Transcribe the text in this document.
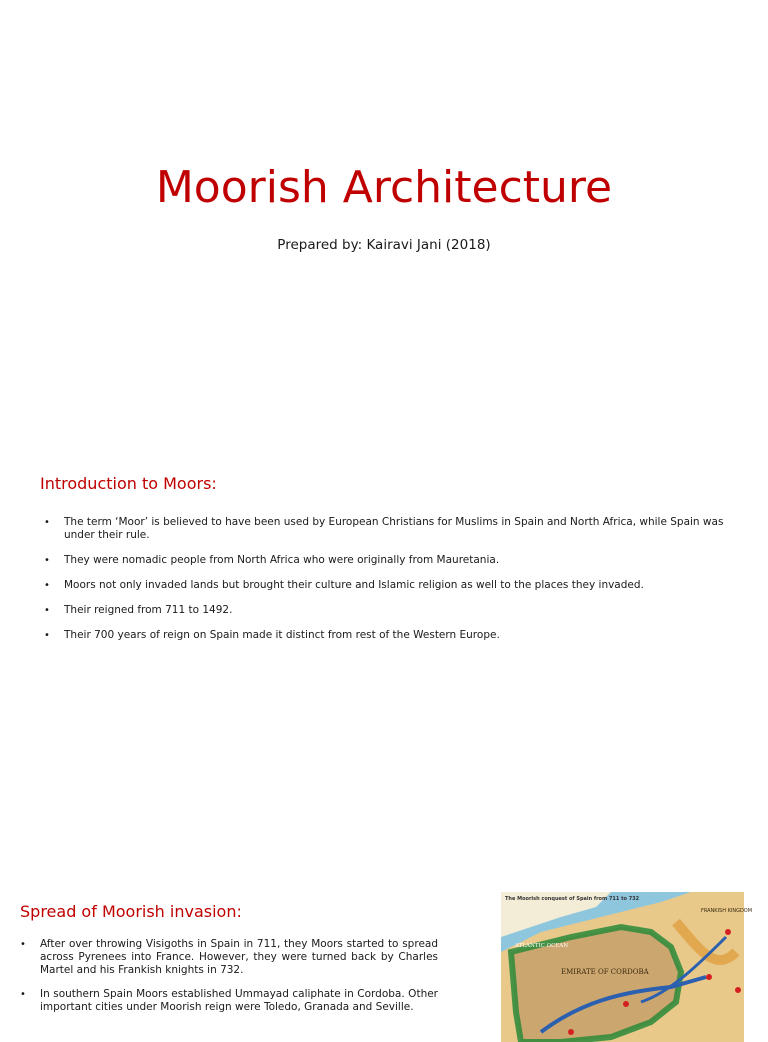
Moorish Architecture

Prepared by: Kairavi Jani (2018)

Introduction to Moors:
• The term ‘Moor’ is believed to have been used by European Christians for Muslims in Spain and North Africa, while Spain was under their rule.
• They were nomadic people from North Africa who were originally from Mauretania.
• Moors not only invaded lands but brought their culture and Islamic religion as well to the places they invaded.
• Their reigned from 711 to 1492.
• Their 700 years of reign on Spain made it distinct from rest of the Western Europe.
Spread of Moorish invasion:
• After over throwing Visigoths in Spain in 711, they Moors started to spread across Pyrenees into France. However, they were turned back by Charles Martel and his Frankish knights in 732.
• In southern Spain Moors established Ummayad caliphate in Cordoba. Other important cities under Moorish reign were Toledo, Granada and Seville.
The Moorish conquest of Spain from 711 to 732
ATLANTIC OCEAN
EMIRATE OF CORDOBA
FRANKISH KINGDOM
